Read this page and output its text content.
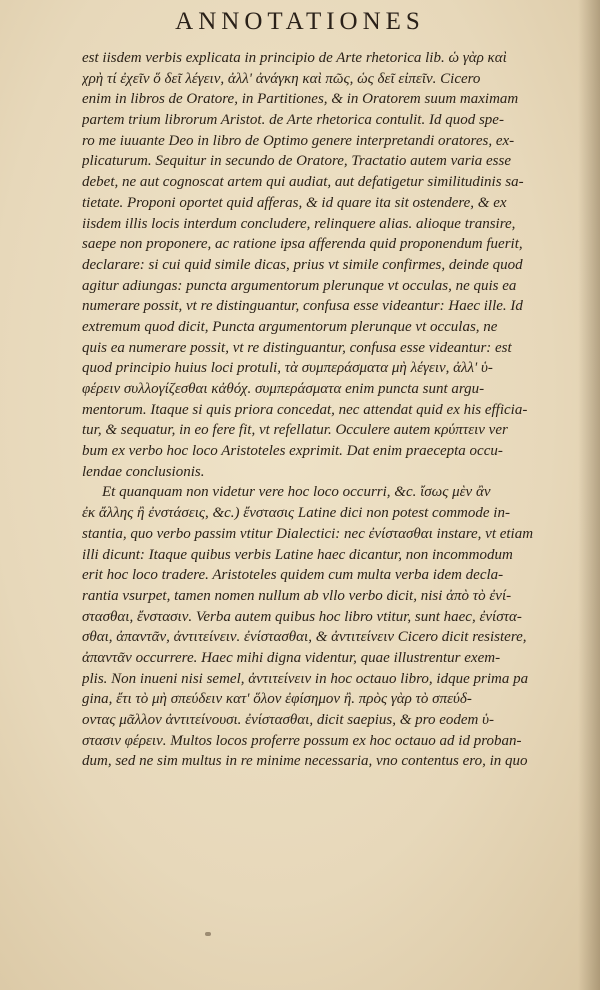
ANNOTATIONES
est iisdem verbis explicata in principio de Arte rhetorica lib. ὡ γὰρ καὶ
χρὴ τί ἐχεῖν ὅ δεῖ λέγειν, ἀλλ' ἀνάγκη καὶ πῶς, ὡς δεῖ εἰπεῖν. Cicero
enim in libros de Oratore, in Partitiones, & in Oratorem suum maximam
partem trium librorum Aristot. de Arte rhetorica contulit. Id quod spe-
ro me iuuante Deo in libro de Optimo genere interpretandi oratores, ex-
plicaturum. Sequitur in secundo de Oratore, Tractatio autem varia esse
debet, ne aut cognoscat artem qui audiat, aut defatigetur similitudinis sa-
tietate. Proponi oportet quid afferas, & id quare ita sit ostendere, & ex
iisdem illis locis interdum concludere, relinquere alias. alioque transire,
saepe non proponere, ac ratione ipsa afferenda quid proponendum fuerit,
declarare: si cui quid simile dicas, prius vt simile confirmes, deinde quod
agitur adiungas: puncta argumentorum plerunque vt occulas, ne quis ea
numerare possit, vt re distinguantur, confusa esse videantur: Haec ille. Id
extremum quod dicit, Puncta argumentorum plerunque vt occulas, ne
quis ea numerare possit, vt re distinguantur, confusa esse videantur: est
quod principio huius loci protuli, τὰ συμπεράσματα μὴ λέγειν, ἀλλ' ὑ-
φέρειν συλλογίζεσθαι κἀθόχ. συμπεράσματα enim puncta sunt argu-
mentorum. Itaque si quis priora concedat, nec attendat quid ex his efficia-
tur, & sequatur, in eo fere fit, vt refellatur. Occulere autem κρύπτειν ver
bum ex verbo hoc loco Aristoteles exprimit. Dat enim praecepta occu-
lendae conclusionis.
Et quanquam non videtur vere hoc loco occurri, &c. ἴσως μὲν ἂν
ἐκ ἄλλης ἢ ἐνστάσεις, &c.) ἔνστασις Latine dici non potest commode in-
stantia, quo verbo passim vtitur Dialectici: nec ἐνίστασθαι instare, vt etiam
illi dicunt: Itaque quibus verbis Latine haec dicantur, non incommodum
erit hoc loco tradere. Aristoteles quidem cum multa verba idem decla-
rantia vsurpet, tamen nomen nullum ab vllo verbo dicit, nisi ἀπὸ τὸ ἐνί-
στασθαι, ἔνστασιν. Verba autem quibus hoc libro vtitur, sunt haec, ἐνίστα-
σθαι, ἀπαντᾶν, ἀντιτείνειν. ἐνίστασθαι, & ἀντιτείνειν Cicero dicit resistere,
ἀπαντᾶν occurrere. Haec mihi digna videntur, quae illustrentur exem-
plis. Non inueni nisi semel, ἀντιτείνειν in hoc octauo libro, idque prima pa
gina, ἔτι τὸ μὴ σπεύδειν κατ' ὅλον ἐφίσημον ἢ. πρὸς γὰρ τὸ σπεύδ-
οντας μᾶλλον ἀντιτείνουσι. ἐνίστασθαι, dicit saepius, & pro eodem ὑ-
στασιν φέρειν. Multos locos proferre possum ex hoc octauo ad id proban-
dum, sed ne sim multus in re minime necessaria, vno contentus ero, in quo
